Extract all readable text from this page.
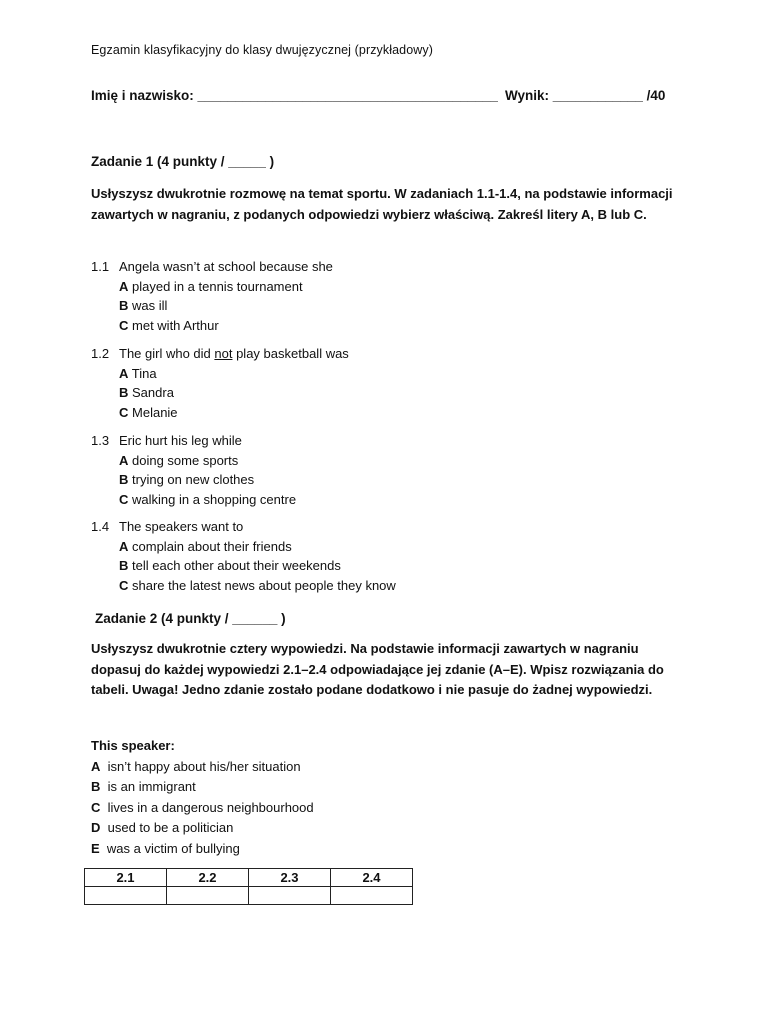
Egzamin klasyfikacyjny do klasy dwujęzycznej (przykładowy)
Imię i nazwisko: ________________________________________ Wynik: ____________ /40
Zadanie 1 (4 punkty / _____ )
Usłyszysz dwukrotnie rozmowę na temat sportu. W zadaniach 1.1-1.4, na podstawie informacji zawartych w nagraniu, z podanych odpowiedzi wybierz właściwą. Zakreśl litery A, B lub C.
1.1 Angela wasn’t at school because she
A played in a tennis tournament
B was ill
C met with Arthur
1.2 The girl who did not play basketball was
A Tina
B Sandra
C Melanie
1.3 Eric hurt his leg while
A doing some sports
B trying on new clothes
C walking in a shopping centre
1.4 The speakers want to
A complain about their friends
B tell each other about their weekends
C share the latest news about people they know
Zadanie 2 (4 punkty / ______ )
Usłyszysz dwukrotnie cztery wypowiedzi. Na podstawie informacji zawartych w nagraniu dopasuj do każdej wypowiedzi 2.1–2.4 odpowiadające jej zdanie (A–E). Wpisz rozwiązania do tabeli. Uwaga! Jedno zdanie zostało podane dodatkowo i nie pasuje do żadnej wypowiedzi.
This speaker:
A isn’t happy about his/her situation
B is an immigrant
C lives in a dangerous neighbourhood
D used to be a politician
E was a victim of bullying
2.1	2.2	2.3	2.4
